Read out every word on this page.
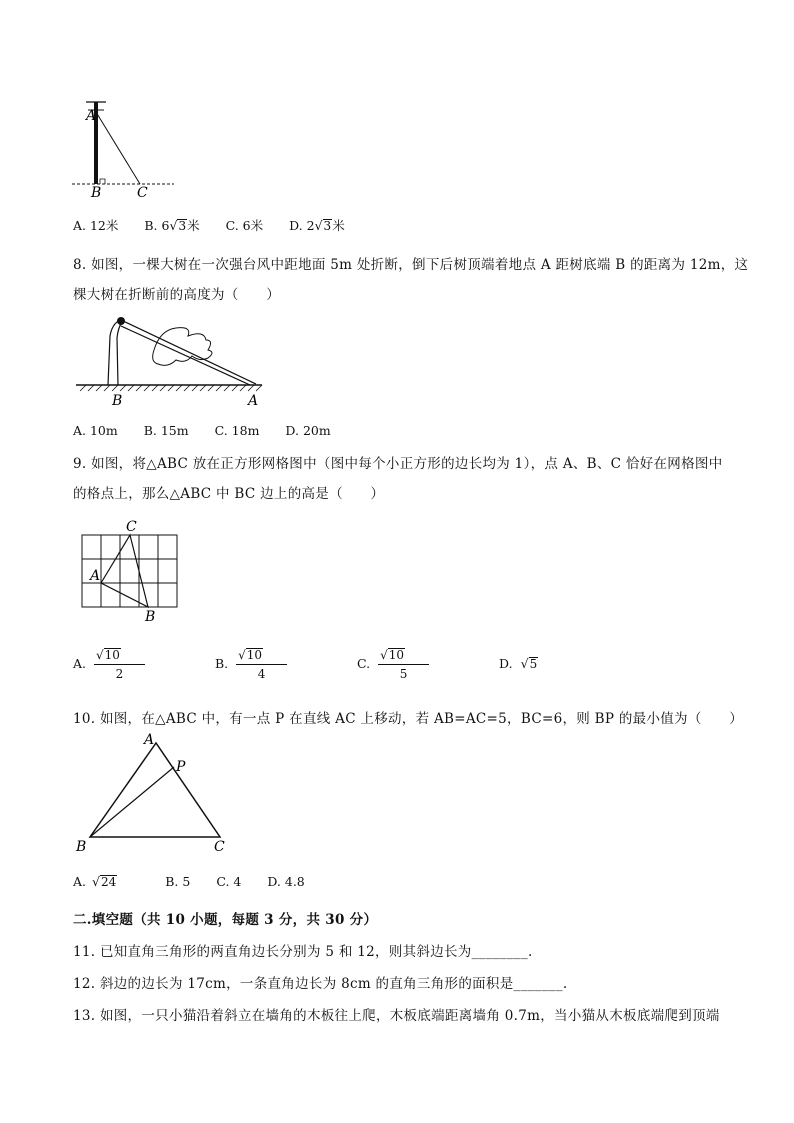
A
B	C
A. 12米 B. 6√3米 C. 6米 D. 2√3米
8. 如图，一棵大树在一次强台风中距地面 5m 处折断，倒下后树顶端着地点 A 距树底端 B 的距离为 12m，这
棵大树在折断前的高度为（　　）
B	A
A. 10m B. 15m C. 18m D. 20m
9. 如图，将△ABC 放在正方形网格图中（图中每个小正方形的边长均为 1），点 A、B、C 恰好在网格图中
的格点上，那么△ABC 中 BC 边上的高是（　　）
C
A
B
A. $\frac{√10}{2}$	B. $\frac{√10}{4}$	C. $\frac{√10}{5}$	D. √5
10. 如图，在△ABC 中，有一点 P 在直线 AC 上移动，若 AB=AC=5，BC=6，则 BP 的最小值为（　　）
A
P
B	C
A. √24	B. 5 C. 4 D. 4.8
二.填空题（共 10 小题，每题 3 分，共 30 分）
11. 已知直角三角形的两直角边长分别为 5 和 12，则其斜边长为________.
12. 斜边的边长为 17cm，一条直角边长为 8cm 的直角三角形的面积是_______.
13. 如图，一只小猫沿着斜立在墙角的木板往上爬，木板底端距离墙角 0.7m，当小猫从木板底端爬到顶端
